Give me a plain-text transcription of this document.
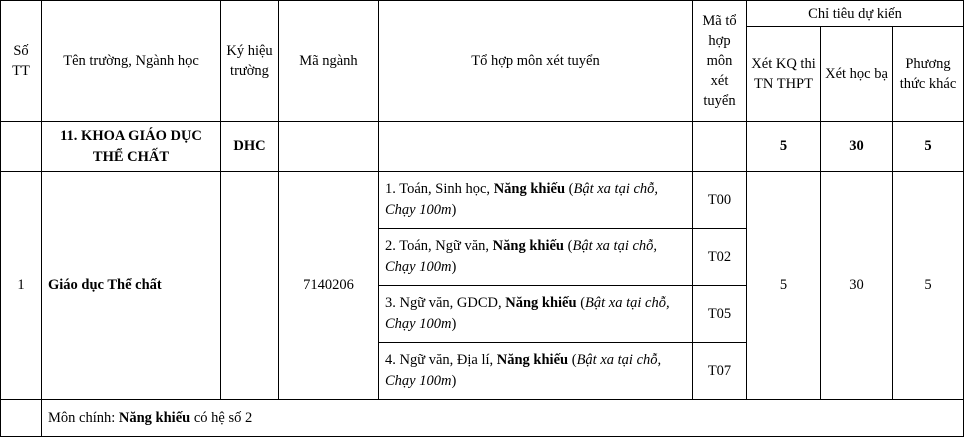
Số TT	Tên trường, Ngành học	Ký hiệu trường	Mã ngành	Tổ hợp môn xét tuyển	Mã tổ hợp môn xét tuyển	Chỉ tiêu dự kiến		
						Xét KQ thi TN THPT	Xét học bạ	Phương thức khác
	11. KHOA GIÁO DỤC THỂ CHẤT	DHC				5	30	5
1	Giáo dục Thể chất		7140206	1. Toán, Sinh học, Năng khiếu (Bật xa tại chỗ, Chạy 100m)	T00	5	30	5
				2. Toán, Ngữ văn, Năng khiếu (Bật xa tại chỗ, Chạy 100m)	T02			
				3. Ngữ văn, GDCD, Năng khiếu (Bật xa tại chỗ, Chạy 100m)	T05			
				4. Ngữ văn, Địa lí, Năng khiếu (Bật xa tại chỗ, Chạy 100m)	T07			
	Môn chính: Năng khiếu có hệ số 2							
